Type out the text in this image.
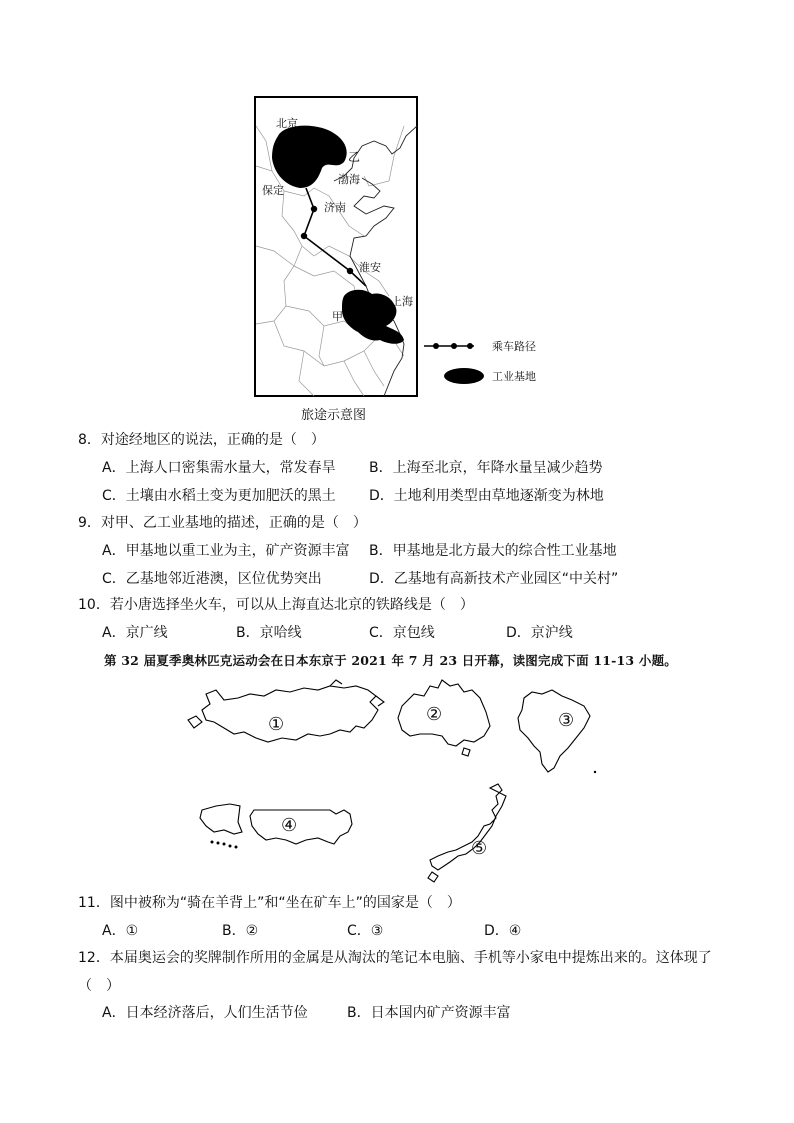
北京
乙
保定
渤海
济南
淮安
上海
甲
乘车路径
工业基地
旅途示意图
8．对途经地区的说法，正确的是（　）
A．上海人口密集需水量大，常发春旱 B．上海至北京，年降水量呈减少趋势
C．土壤由水稻土变为更加肥沃的黑土 D．土地利用类型由草地逐渐变为林地
9．对甲、乙工业基地的描述，正确的是（　）
A．甲基地以重工业为主，矿产资源丰富 B．甲基地是北方最大的综合性工业基地
C．乙基地邻近港澳，区位优势突出	D．乙基地有高新技术产业园区“中关村”
10．若小唐选择坐火车，可以从上海直达北京的铁路线是（　）
A．京广线	B．京哈线	C．京包线	D．京沪线
第 32 届夏季奥林匹克运动会在日本东京于 2021 年 7 月 23 日开幕，读图完成下面 11-13 小题。
①	②	③
④
⑤
11．图中被称为“骑在羊背上”和“坐在矿车上”的国家是（　）
A．①	B．②	C．③	D．④
12．本届奥运会的奖牌制作所用的金属是从淘汰的笔记本电脑、手机等小家电中提炼出来的。这体现了
（　）
A．日本经济落后，人们生活节俭	B．日本国内矿产资源丰富
